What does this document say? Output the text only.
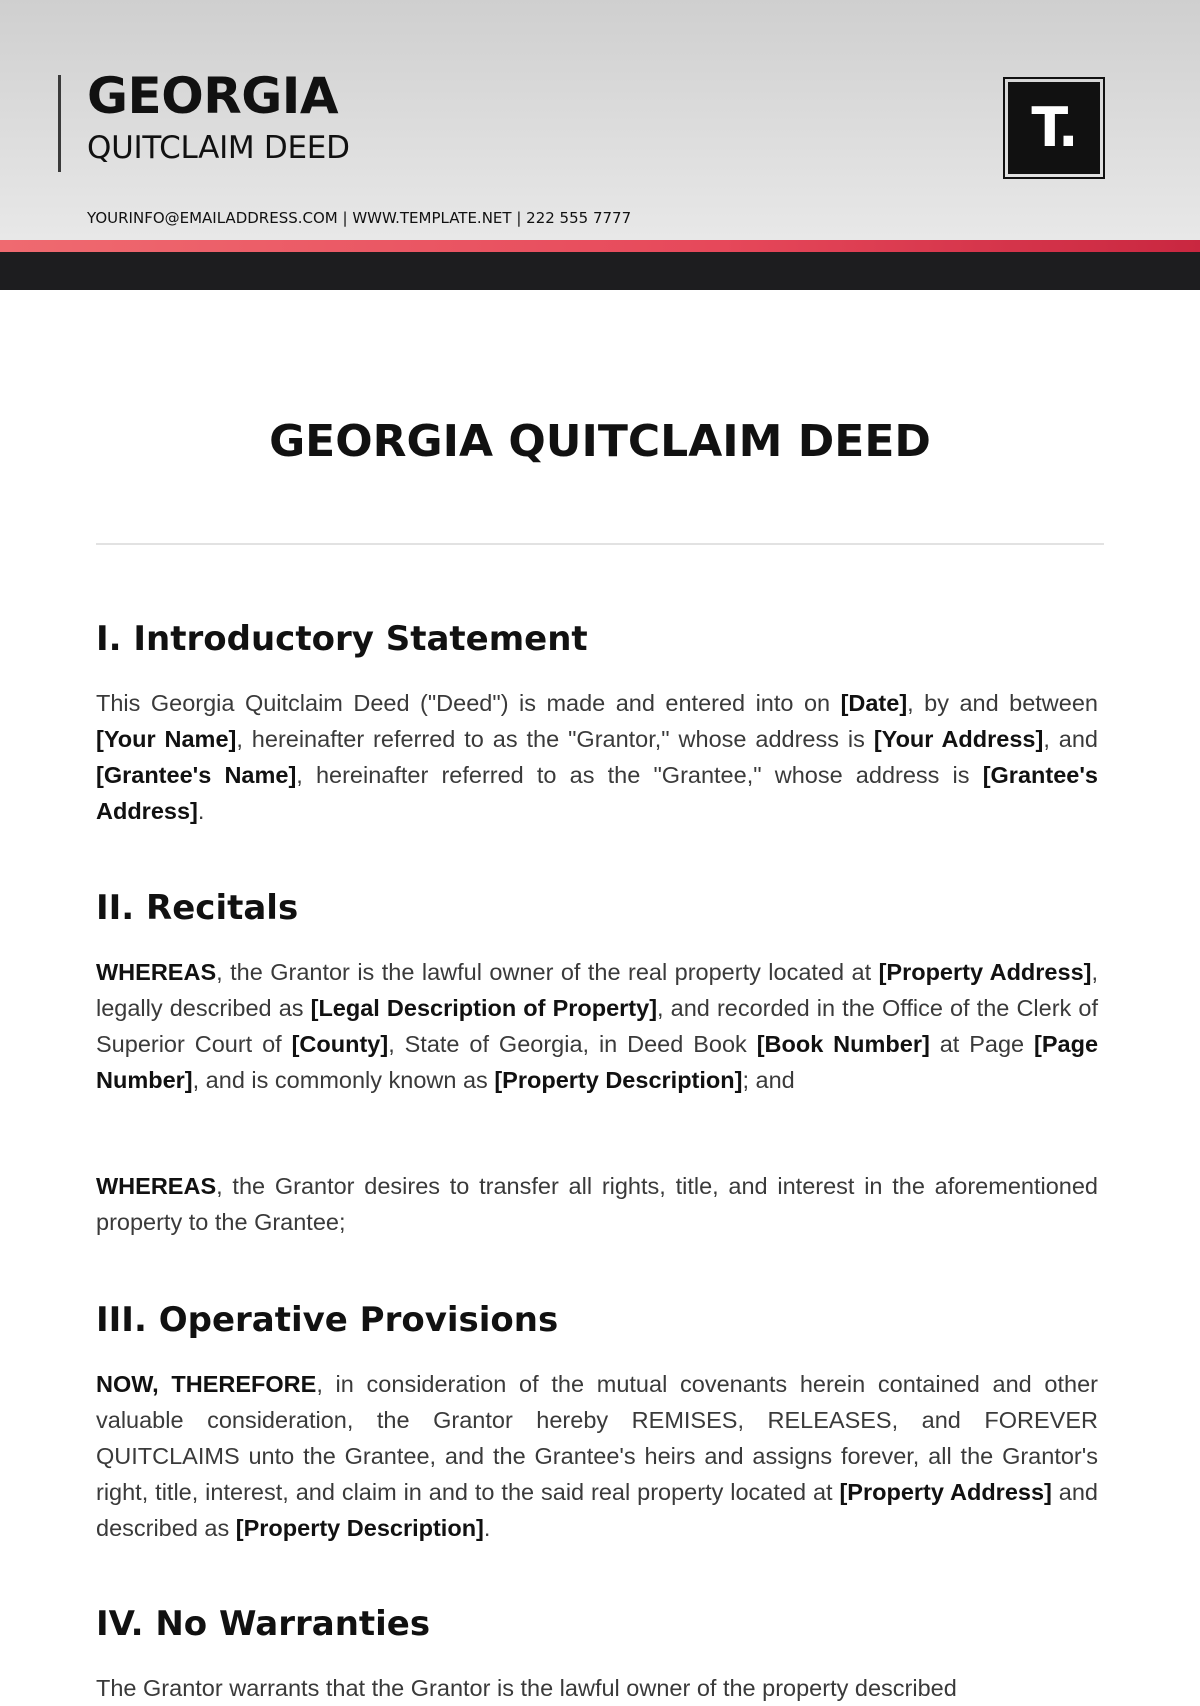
GEORGIA
QUITCLAIM DEED
YOURINFO@EMAILADDRESS.COM | WWW.TEMPLATE.NET | 222 555 7777
T.
GEORGIA QUITCLAIM DEED
I. Introductory Statement

This Georgia Quitclaim Deed ("Deed") is made and entered into on [Date], by and between [Your Name], hereinafter referred to as the "Grantor," whose address is [Your Address], and [Grantee's Name], hereinafter referred to as the "Grantee," whose address is [Grantee's Address].

II. Recitals

WHEREAS, the Grantor is the lawful owner of the real property located at [Property Address], legally described as [Legal Description of Property], and recorded in the Office of the Clerk of Superior Court of [County], State of Georgia, in Deed Book [Book Number] at Page [Page Number], and is commonly known as [Property Description]; and

WHEREAS, the Grantor desires to transfer all rights, title, and interest in the aforementioned property to the Grantee;

III. Operative Provisions

NOW, THEREFORE, in consideration of the mutual covenants herein contained and other valuable consideration, the Grantor hereby REMISES, RELEASES, and FOREVER QUITCLAIMS unto the Grantee, and the Grantee's heirs and assigns forever, all the Grantor's right, title, interest, and claim in and to the said real property located at [Property Address] and described as [Property Description].

IV. No Warranties

The Grantor warrants that the Grantor is the lawful owner of the property described
